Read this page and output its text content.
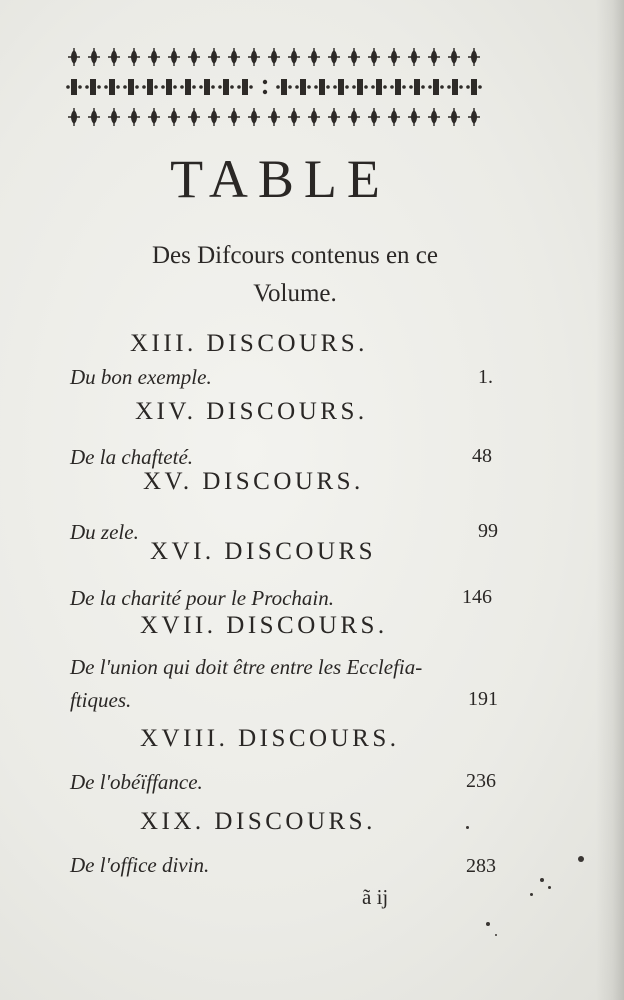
TABLE
Des Difcours contenus en ce
Volume.
XIII. DISCOURS.
Du bon exemple.	1.
XIV. DISCOURS.
De la chafteté.	48
XV. DISCOURS.
Du zele.	99
XVI. DISCOURS
De la charité pour le Prochain.	146
XVII. DISCOURS.
De l'union qui doit être entre les Ecclefia-
ftiques.	191
XVIII. DISCOURS.
De l'obéïffance.	236
XIX. DISCOURS.
De l'office divin.	283
ã ij
